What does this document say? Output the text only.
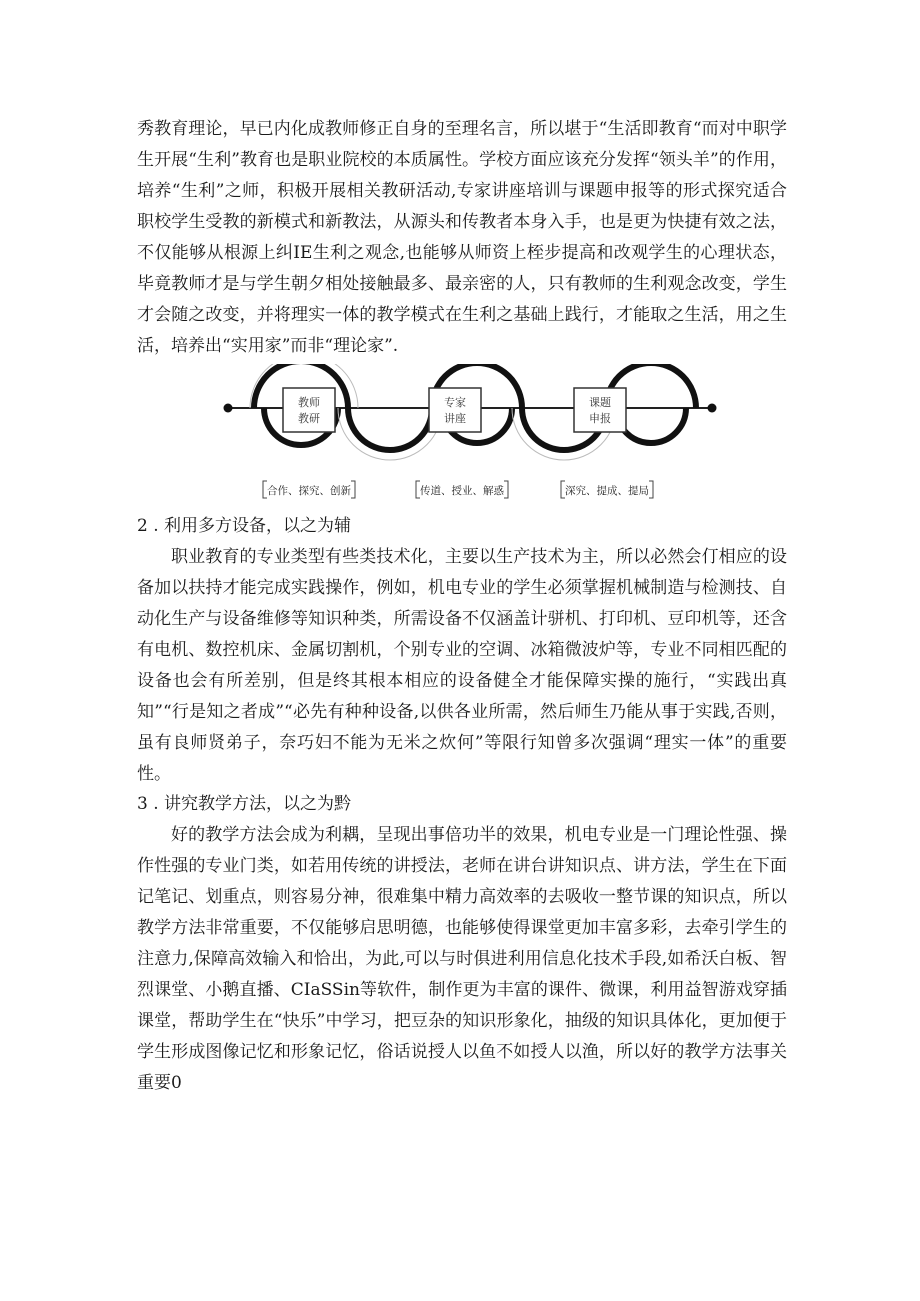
秀教育理论，早已内化成教师修正自身的至理名言，所以堪于“生活即教育“而对中职学生开展“生利”教育也是职业院校的本质属性。学校方面应该充分发挥“领头羊”的作用，培养“生利”之师，积极开展相关教研活动,专家讲座培训与课题申报等的形式探究适合职校学生受教的新模式和新教法，从源头和传教者本身入手，也是更为快捷有效之法，不仅能够从根源上纠IE生利之观念,也能够从师资上桎步提高和改观学生的心理状态，毕竟教师才是与学生朝夕相处接触最多、最亲密的人，只有教师的生利观念改变，学生才会随之改变，并将理实一体的教学模式在生利之基础上践行，才能取之生活，用之生活，培养出“实用家”而非“理论家”.

教师
教研
专家
讲座
课题
申报
合作、探究、创新	传道、授业、解惑	深究、提成、提局

2 . 利用多方设备，以之为辅

职业教育的专业类型有些类技术化，主要以生产技术为主，所以必然会仃相应的设备加以扶持才能完成实践操作，例如，机电专业的学生必须掌握机械制造与检测技、自动化生产与设备维修等知识种类，所需设备不仅涵盖计骈机、打印机、豆印机等，还含有电机、数控机床、金属切割机，个别专业的空调、冰箱微波炉等，专业不同相匹配的设备也会有所差别，但是终其根本相应的设备健全才能保障实操的施行，“实践出真知”“行是知之者成”“必先有种种设备,以供各业所需，然后师生乃能从事于实践,否则，虽有良师贤弟子，奈巧妇不能为无米之炊何”等限行知曾多次强调“理实一体”的重要性。

3 . 讲究教学方法，以之为黔

好的教学方法会成为利耦，呈现出事倍功半的效果，机电专业是一门理论性强、操作性强的专业门类，如若用传统的讲授法，老师在讲台讲知识点、讲方法，学生在下面记笔记、划重点，则容易分神，很难集中精力高效率的去吸收一整节课的知识点，所以教学方法非常重要，不仅能够启思明德，也能够使得课堂更加丰富多彩，去牵引学生的注意力,保障高效输入和恰出，为此,可以与时俱进利用信息化技术手段,如希沃白板、智烈课堂、小鹅直播、CIaSSin等软件，制作更为丰富的课件、微课，利用益智游戏穿插课堂，帮助学生在“快乐”中学习，把豆杂的知识形象化，抽级的知识具体化，更加便于学生形成图像记忆和形象记忆，俗话说授人以鱼不如授人以渔，所以好的教学方法事关重要0
